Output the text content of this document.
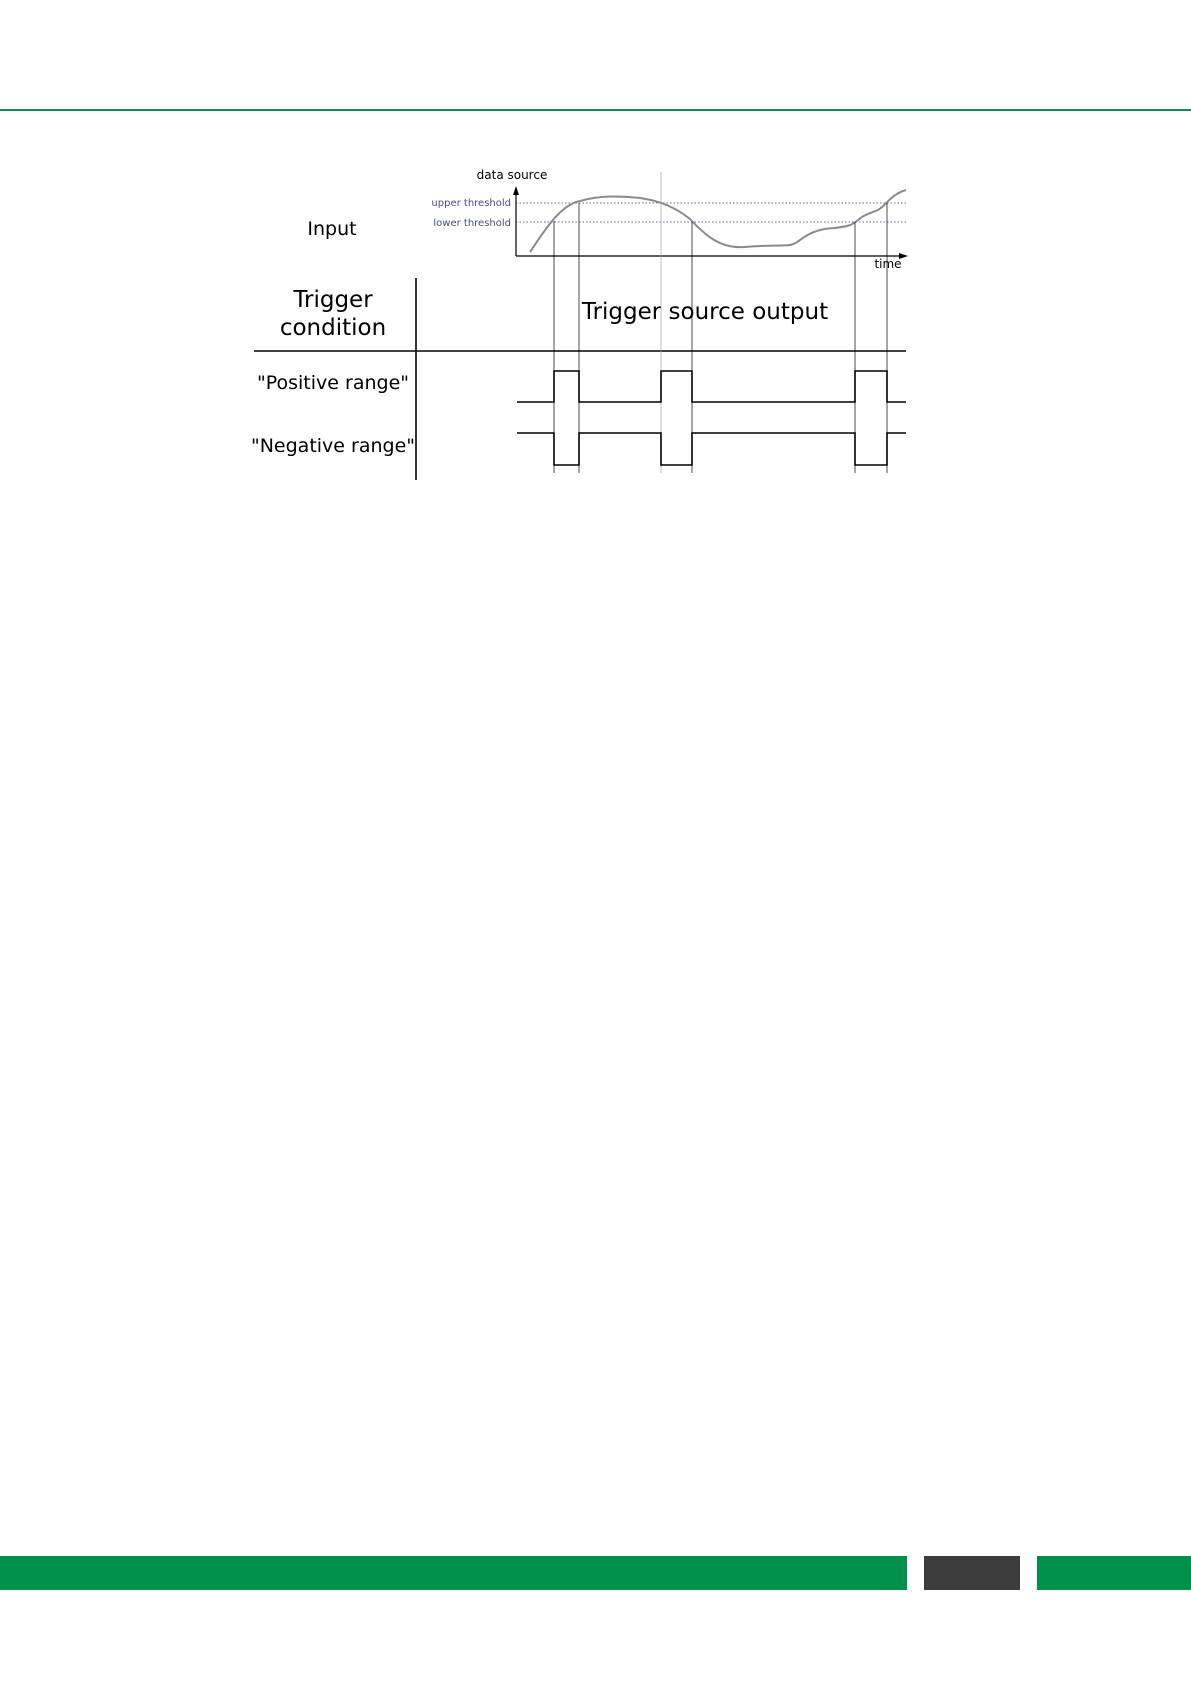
Input
Trigger
condition
Trigger source output
"Positive range"
"Negative range"
data source
time
upper threshold
lower threshold
